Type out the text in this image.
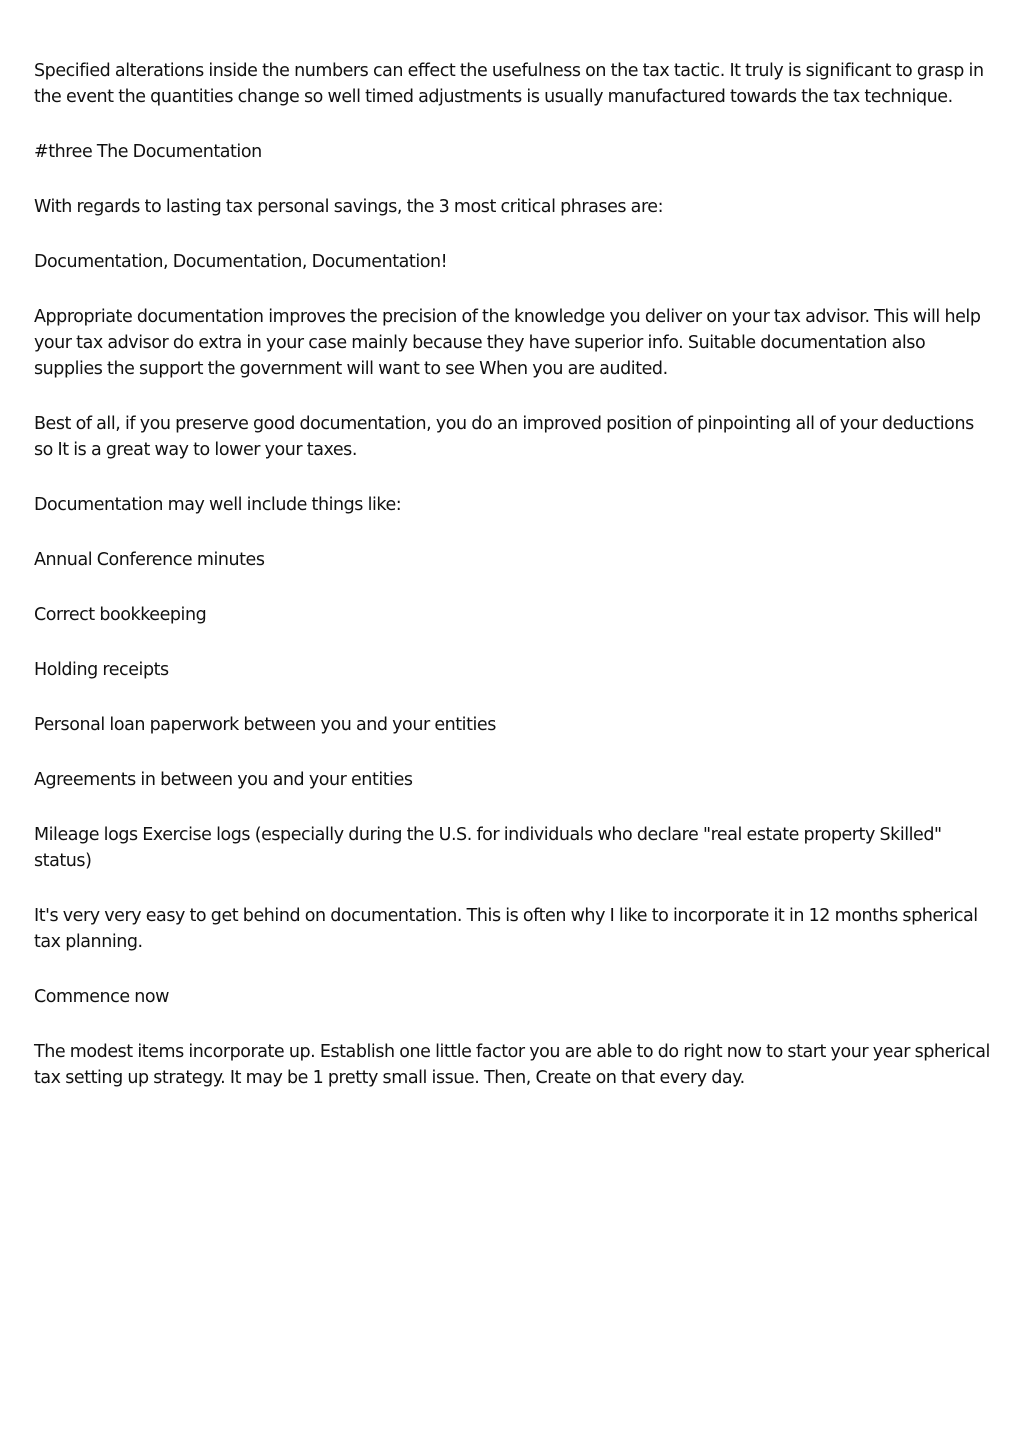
Specified alterations inside the numbers can effect the usefulness on the tax tactic. It truly is significant to grasp in the event the quantities change so well timed adjustments is usually manufactured towards the tax technique.

#three The Documentation

With regards to lasting tax personal savings, the 3 most critical phrases are:

Documentation, Documentation, Documentation!

Appropriate documentation improves the precision of the knowledge you deliver on your tax advisor. This will help your tax advisor do extra in your case mainly because they have superior info. Suitable documentation also supplies the support the government will want to see When you are audited.

Best of all, if you preserve good documentation, you do an improved position of pinpointing all of your deductions so It is a great way to lower your taxes.

Documentation may well include things like:

Annual Conference minutes

Correct bookkeeping

Holding receipts

Personal loan paperwork between you and your entities

Agreements in between you and your entities

Mileage logs Exercise logs (especially during the U.S. for individuals who declare "real estate property Skilled" status)

It's very very easy to get behind on documentation. This is often why I like to incorporate it in 12 months spherical tax planning.

Commence now

The modest items incorporate up. Establish one little factor you are able to do right now to start your year spherical tax setting up strategy. It may be 1 pretty small issue. Then, Create on that every day.
